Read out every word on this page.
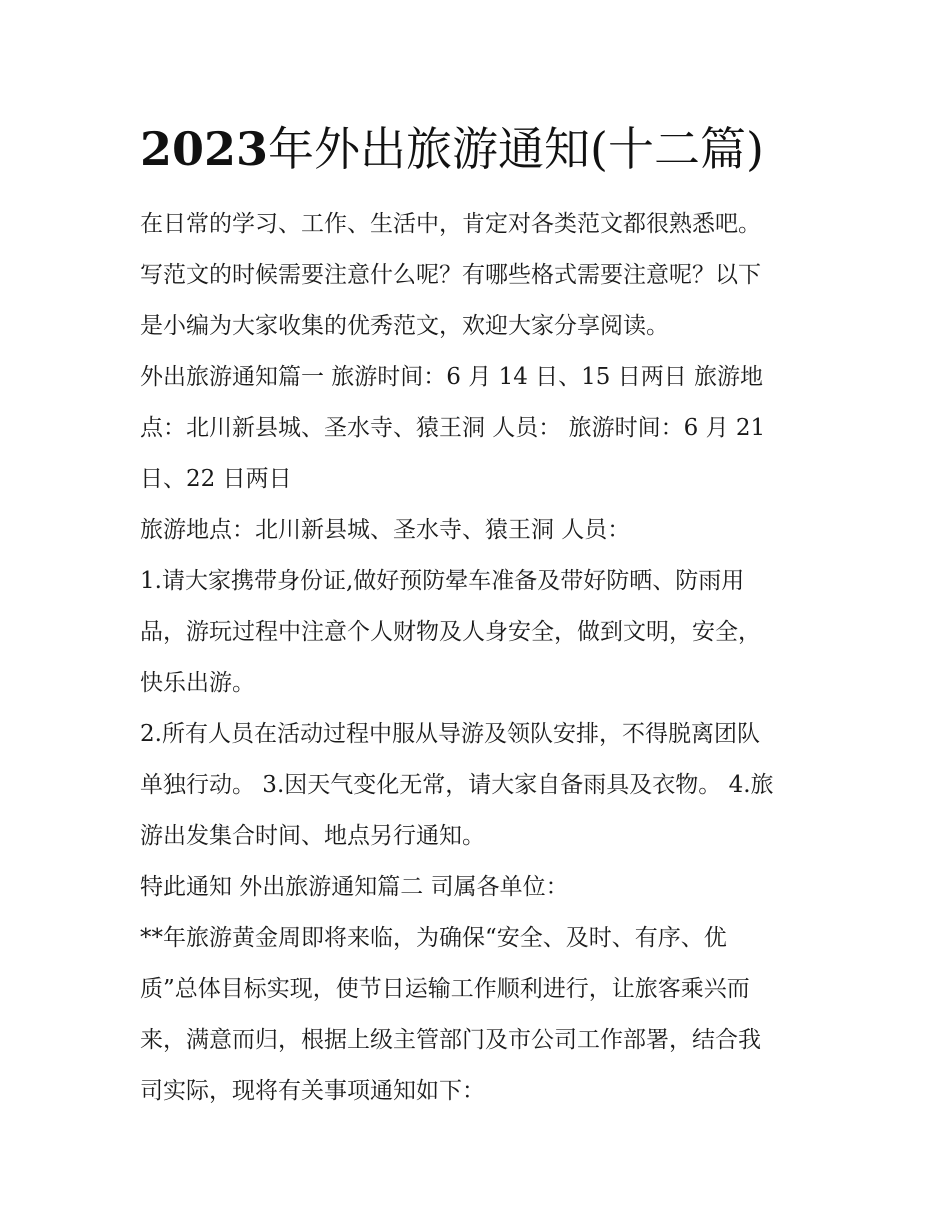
2023年外出旅游通知(十二篇)
在日常的学习、工作、生活中，肯定对各类范文都很熟悉吧。
写范文的时候需要注意什么呢？有哪些格式需要注意呢？以下
是小编为大家收集的优秀范文，欢迎大家分享阅读。
外出旅游通知篇一 旅游时间：6 月 14 日、15 日两日 旅游地
点：北川新县城、圣水寺、猿王洞 人员： 旅游时间：6 月 21
日、22 日两日
旅游地点：北川新县城、圣水寺、猿王洞 人员：
1.请大家携带身份证,做好预防晕车准备及带好防晒、防雨用
品，游玩过程中注意个人财物及人身安全，做到文明，安全，
快乐出游。
2.所有人员在活动过程中服从导游及领队安排，不得脱离团队
单独行动。 3.因天气变化无常，请大家自备雨具及衣物。 4.旅
游出发集合时间、地点另行通知。
特此通知 外出旅游通知篇二 司属各单位：
**年旅游黄金周即将来临，为确保“安全、及时、有序、优
质”总体目标实现，使节日运输工作顺利进行，让旅客乘兴而
来，满意而归，根据上级主管部门及市公司工作部署，结合我
司实际，现将有关事项通知如下：
